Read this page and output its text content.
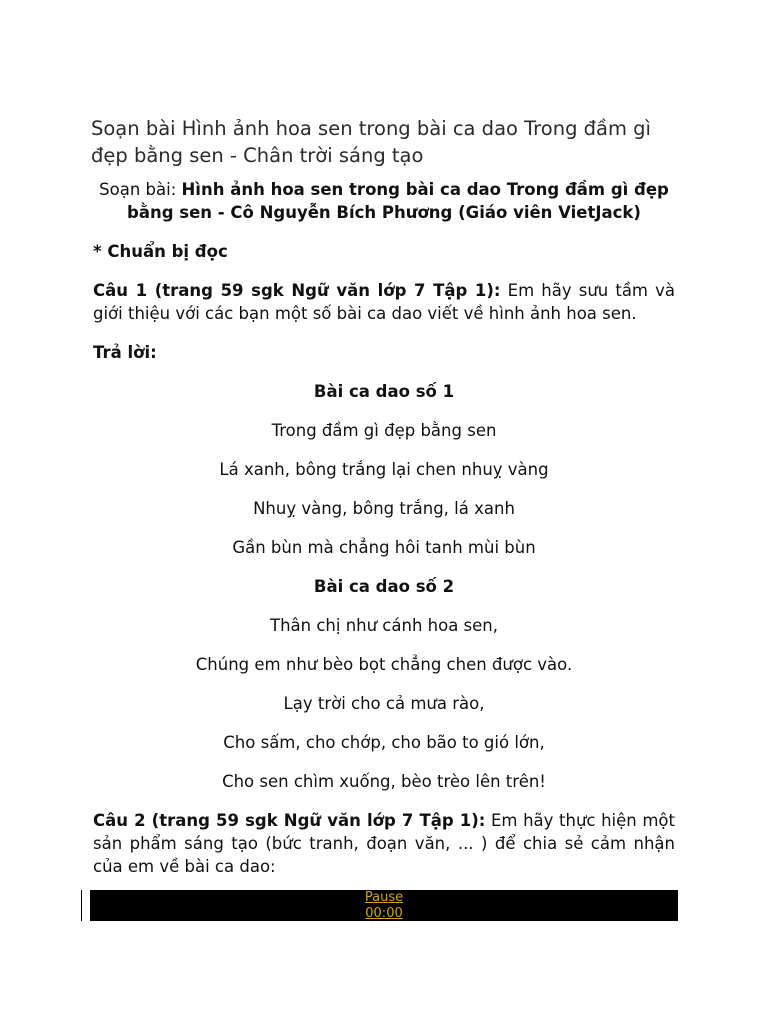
Soạn bài Hình ảnh hoa sen trong bài ca dao Trong đầm gì đẹp bằng sen - Chân trời sáng tạo

Soạn bài: Hình ảnh hoa sen trong bài ca dao Trong đầm gì đẹp bằng sen - Cô Nguyễn Bích Phương (Giáo viên VietJack)

* Chuẩn bị đọc

Câu 1 (trang 59 sgk Ngữ văn lớp 7 Tập 1): Em hãy sưu tầm và giới thiệu với các bạn một số bài ca dao viết về hình ảnh hoa sen.

Trả lời:

Bài ca dao số 1

Trong đầm gì đẹp bằng sen

Lá xanh, bông trắng lại chen nhuỵ vàng

Nhuỵ vàng, bông trắng, lá xanh

Gần bùn mà chẳng hôi tanh mùi bùn

Bài ca dao số 2

Thân chị như cánh hoa sen,

Chúng em như bèo bọt chẳng chen được vào.

Lạy trời cho cả mưa rào,

Cho sấm, cho chớp, cho bão to gió lớn,

Cho sen chìm xuống, bèo trèo lên trên!

Câu 2 (trang 59 sgk Ngữ văn lớp 7 Tập 1): Em hãy thực hiện một sản phẩm sáng tạo (bức tranh, đoạn văn, ... ) để chia sẻ cảm nhận của em về bài ca dao:

Pause
00:00
